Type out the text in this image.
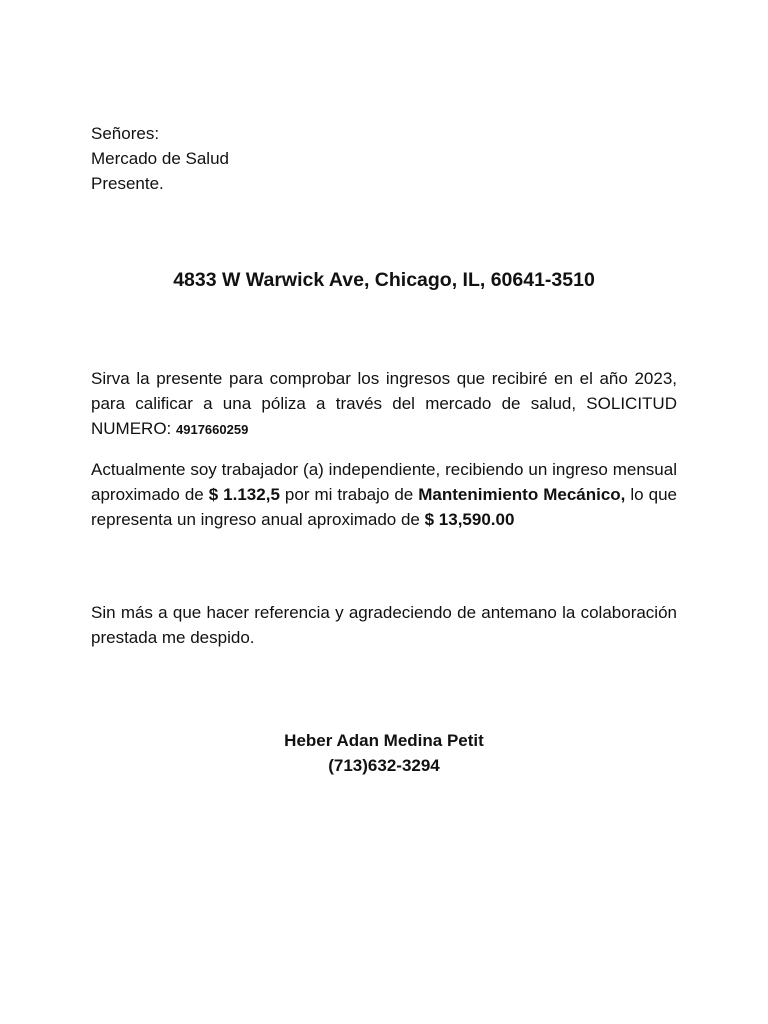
Señores:
Mercado de Salud
Presente.
4833 W Warwick Ave, Chicago, IL, 60641-3510
Sirva la presente para comprobar los ingresos que recibiré en el año 2023, para calificar a una póliza a través del mercado de salud, SOLICITUD NUMERO: 4917660259
Actualmente soy trabajador (a) independiente, recibiendo un ingreso mensual aproximado de $ 1.132,5 por mi trabajo de Mantenimiento Mecánico, lo que representa un ingreso anual aproximado de $ 13,590.00
Sin más a que hacer referencia y agradeciendo de antemano la colaboración prestada me despido.
Heber Adan Medina Petit
(713)632-3294
